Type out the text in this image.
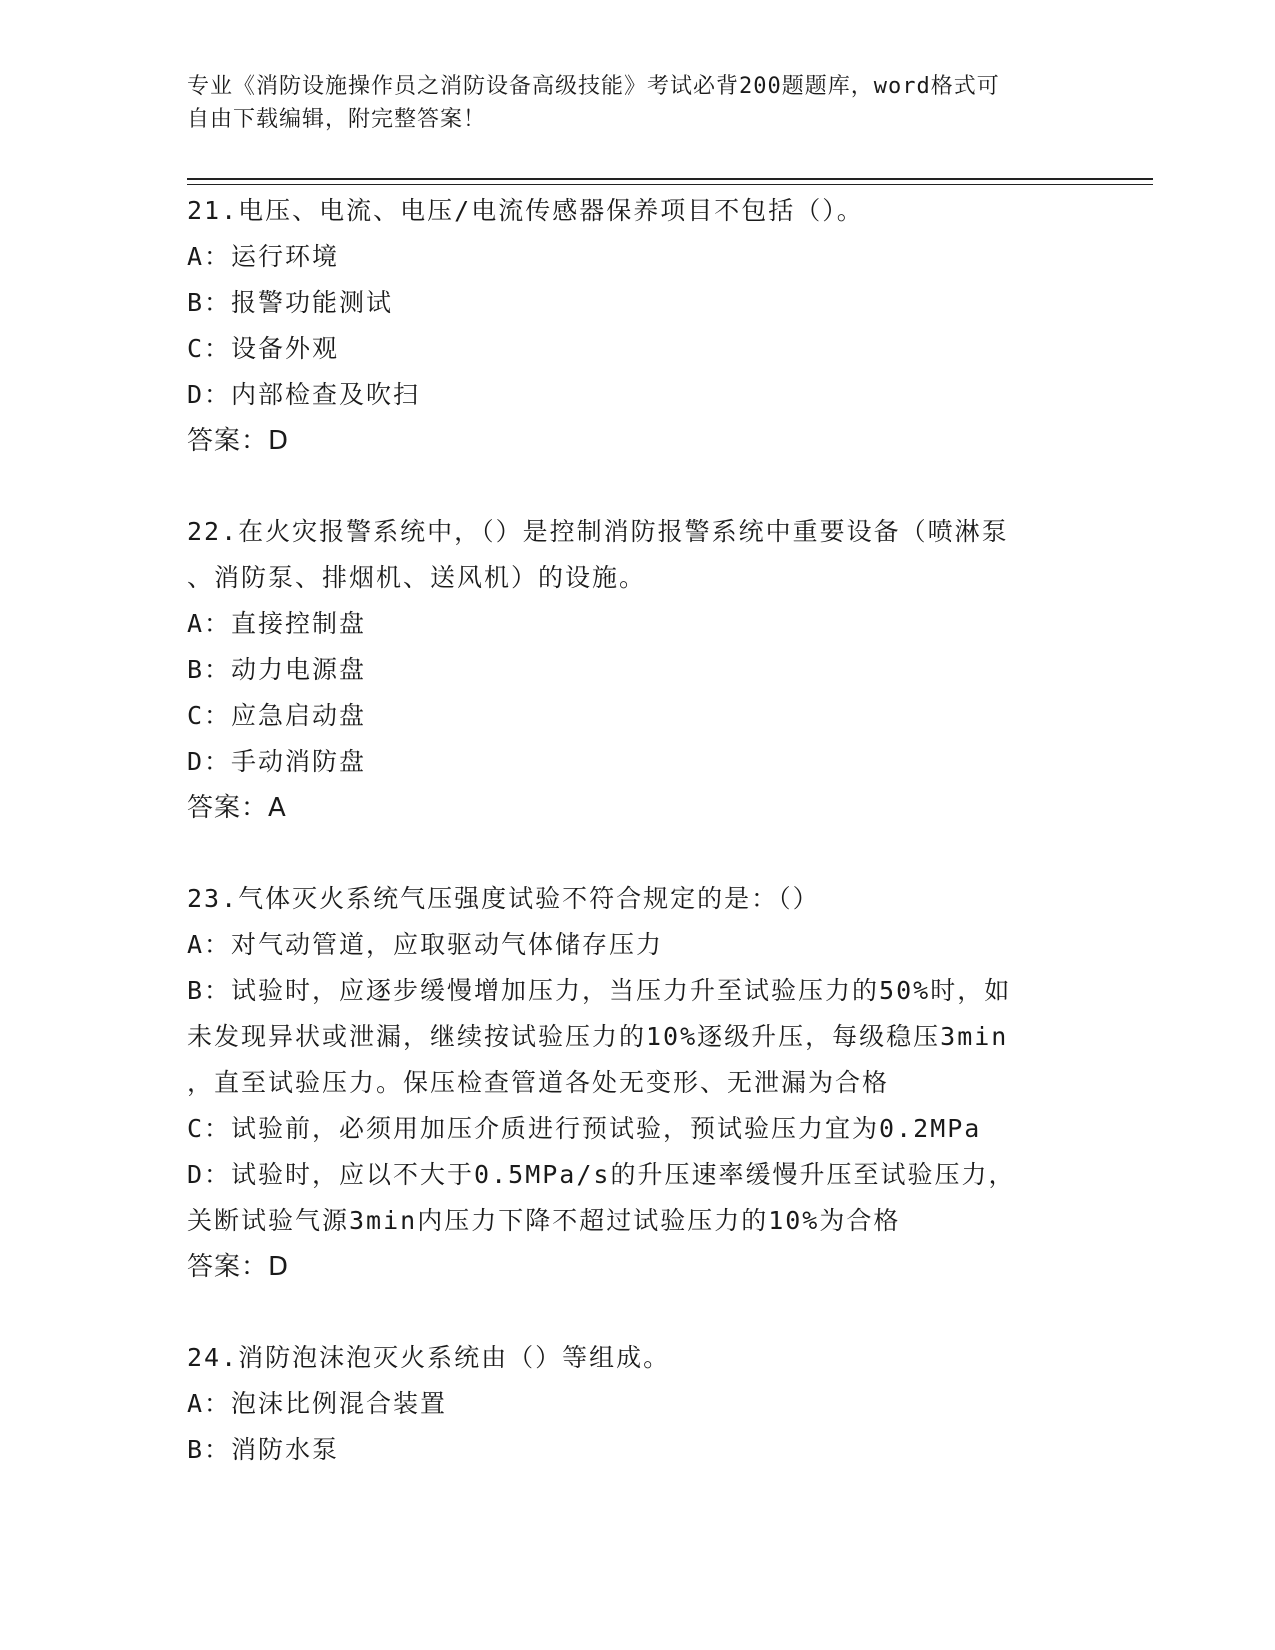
专业《消防设施操作员之消防设备高级技能》考试必背200题题库，word格式可
自由下载编辑，附完整答案！
21.电压、电流、电压/电流传感器保养项目不包括（）。
A：运行环境
B：报警功能测试
C：设备外观
D：内部检查及吹扫
答案：D
22.在火灾报警系统中，（）是控制消防报警系统中重要设备（喷淋泵
、消防泵、排烟机、送风机）的设施。
A：直接控制盘
B：动力电源盘
C：应急启动盘
D：手动消防盘
答案：A
23.气体灭火系统气压强度试验不符合规定的是：（）
A：对气动管道，应取驱动气体储存压力
B：试验时，应逐步缓慢增加压力，当压力升至试验压力的50%时，如
未发现异状或泄漏，继续按试验压力的10%逐级升压，每级稳压3min
，直至试验压力。保压检查管道各处无变形、无泄漏为合格
C：试验前，必须用加压介质进行预试验，预试验压力宜为0.2MPa
D：试验时，应以不大于0.5MPa/s的升压速率缓慢升压至试验压力，
关断试验气源3min内压力下降不超过试验压力的10%为合格
答案：D
24.消防泡沫泡灭火系统由（）等组成。
A：泡沫比例混合装置
B：消防水泵
